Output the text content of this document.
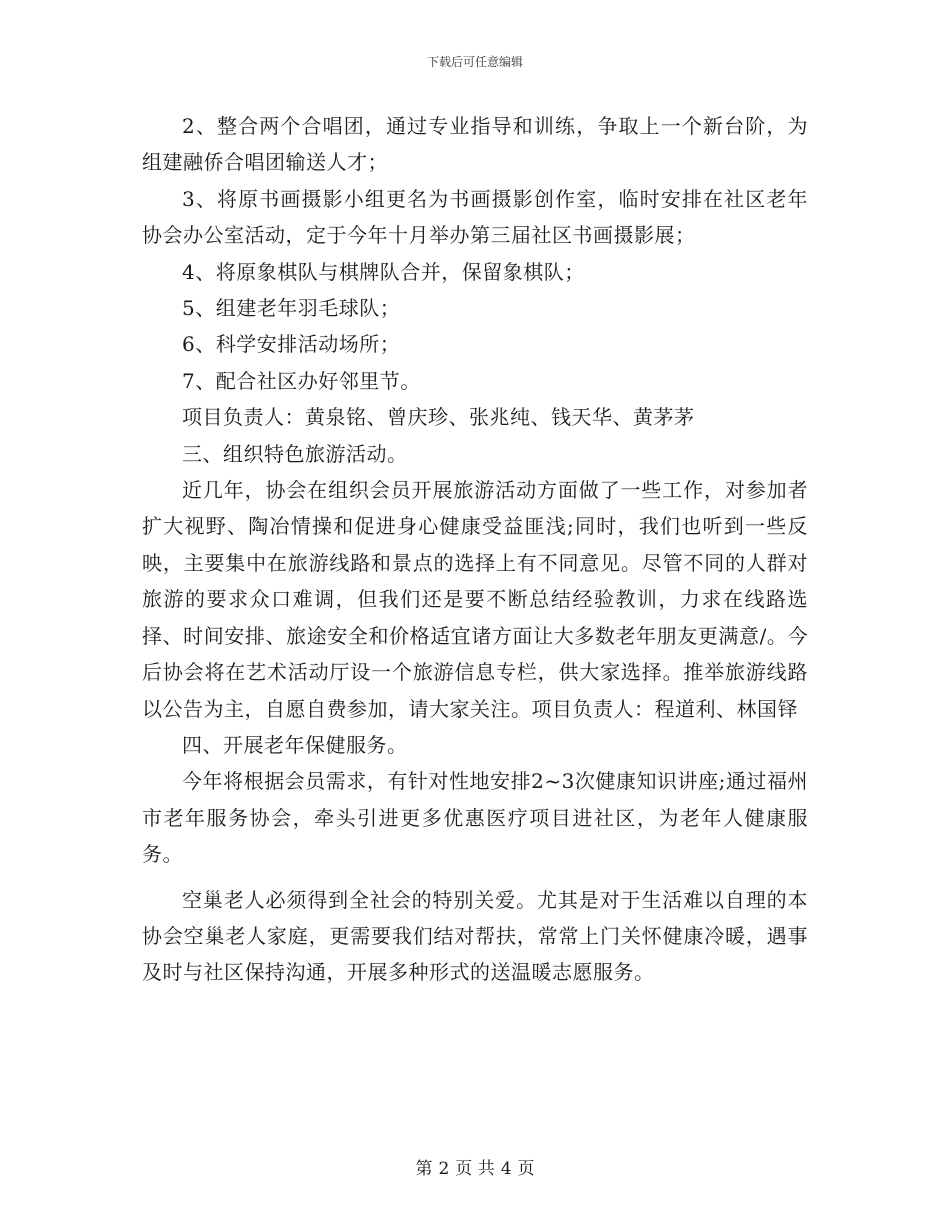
下载后可任意编辑

2、整合两个合唱团，通过专业指导和训练，争取上一个新台阶，为组建融侨合唱团输送人才；

3、将原书画摄影小组更名为书画摄影创作室，临时安排在社区老年协会办公室活动，定于今年十月举办第三届社区书画摄影展；

4、将原象棋队与棋牌队合并，保留象棋队；

5、组建老年羽毛球队；

6、科学安排活动场所；

7、配合社区办好邻里节。

项目负责人：黄泉铭、曾庆珍、张兆纯、钱天华、黄茅茅

三、组织特色旅游活动。

近几年，协会在组织会员开展旅游活动方面做了一些工作，对参加者扩大视野、陶冶情操和促进身心健康受益匪浅;同时，我们也听到一些反映，主要集中在旅游线路和景点的选择上有不同意见。尽管不同的人群对旅游的要求众口难调，但我们还是要不断总结经验教训，力求在线路选择、时间安排、旅途安全和价格适宜诸方面让大多数老年朋友更满意/。今后协会将在艺术活动厅设一个旅游信息专栏，供大家选择。推举旅游线路以公告为主，自愿自费参加，请大家关注。项目负责人：程道利、林国铎

四、开展老年保健服务。

今年将根据会员需求，有针对性地安排2~3次健康知识讲座;通过福州市老年服务协会，牵头引进更多优惠医疗项目进社区，为老年人健康服务。

空巢老人必须得到全社会的特别关爱。尤其是对于生活难以自理的本协会空巢老人家庭，更需要我们结对帮扶，常常上门关怀健康冷暖，遇事及时与社区保持沟通，开展多种形式的送温暖志愿服务。

第 2 页 共 4 页
